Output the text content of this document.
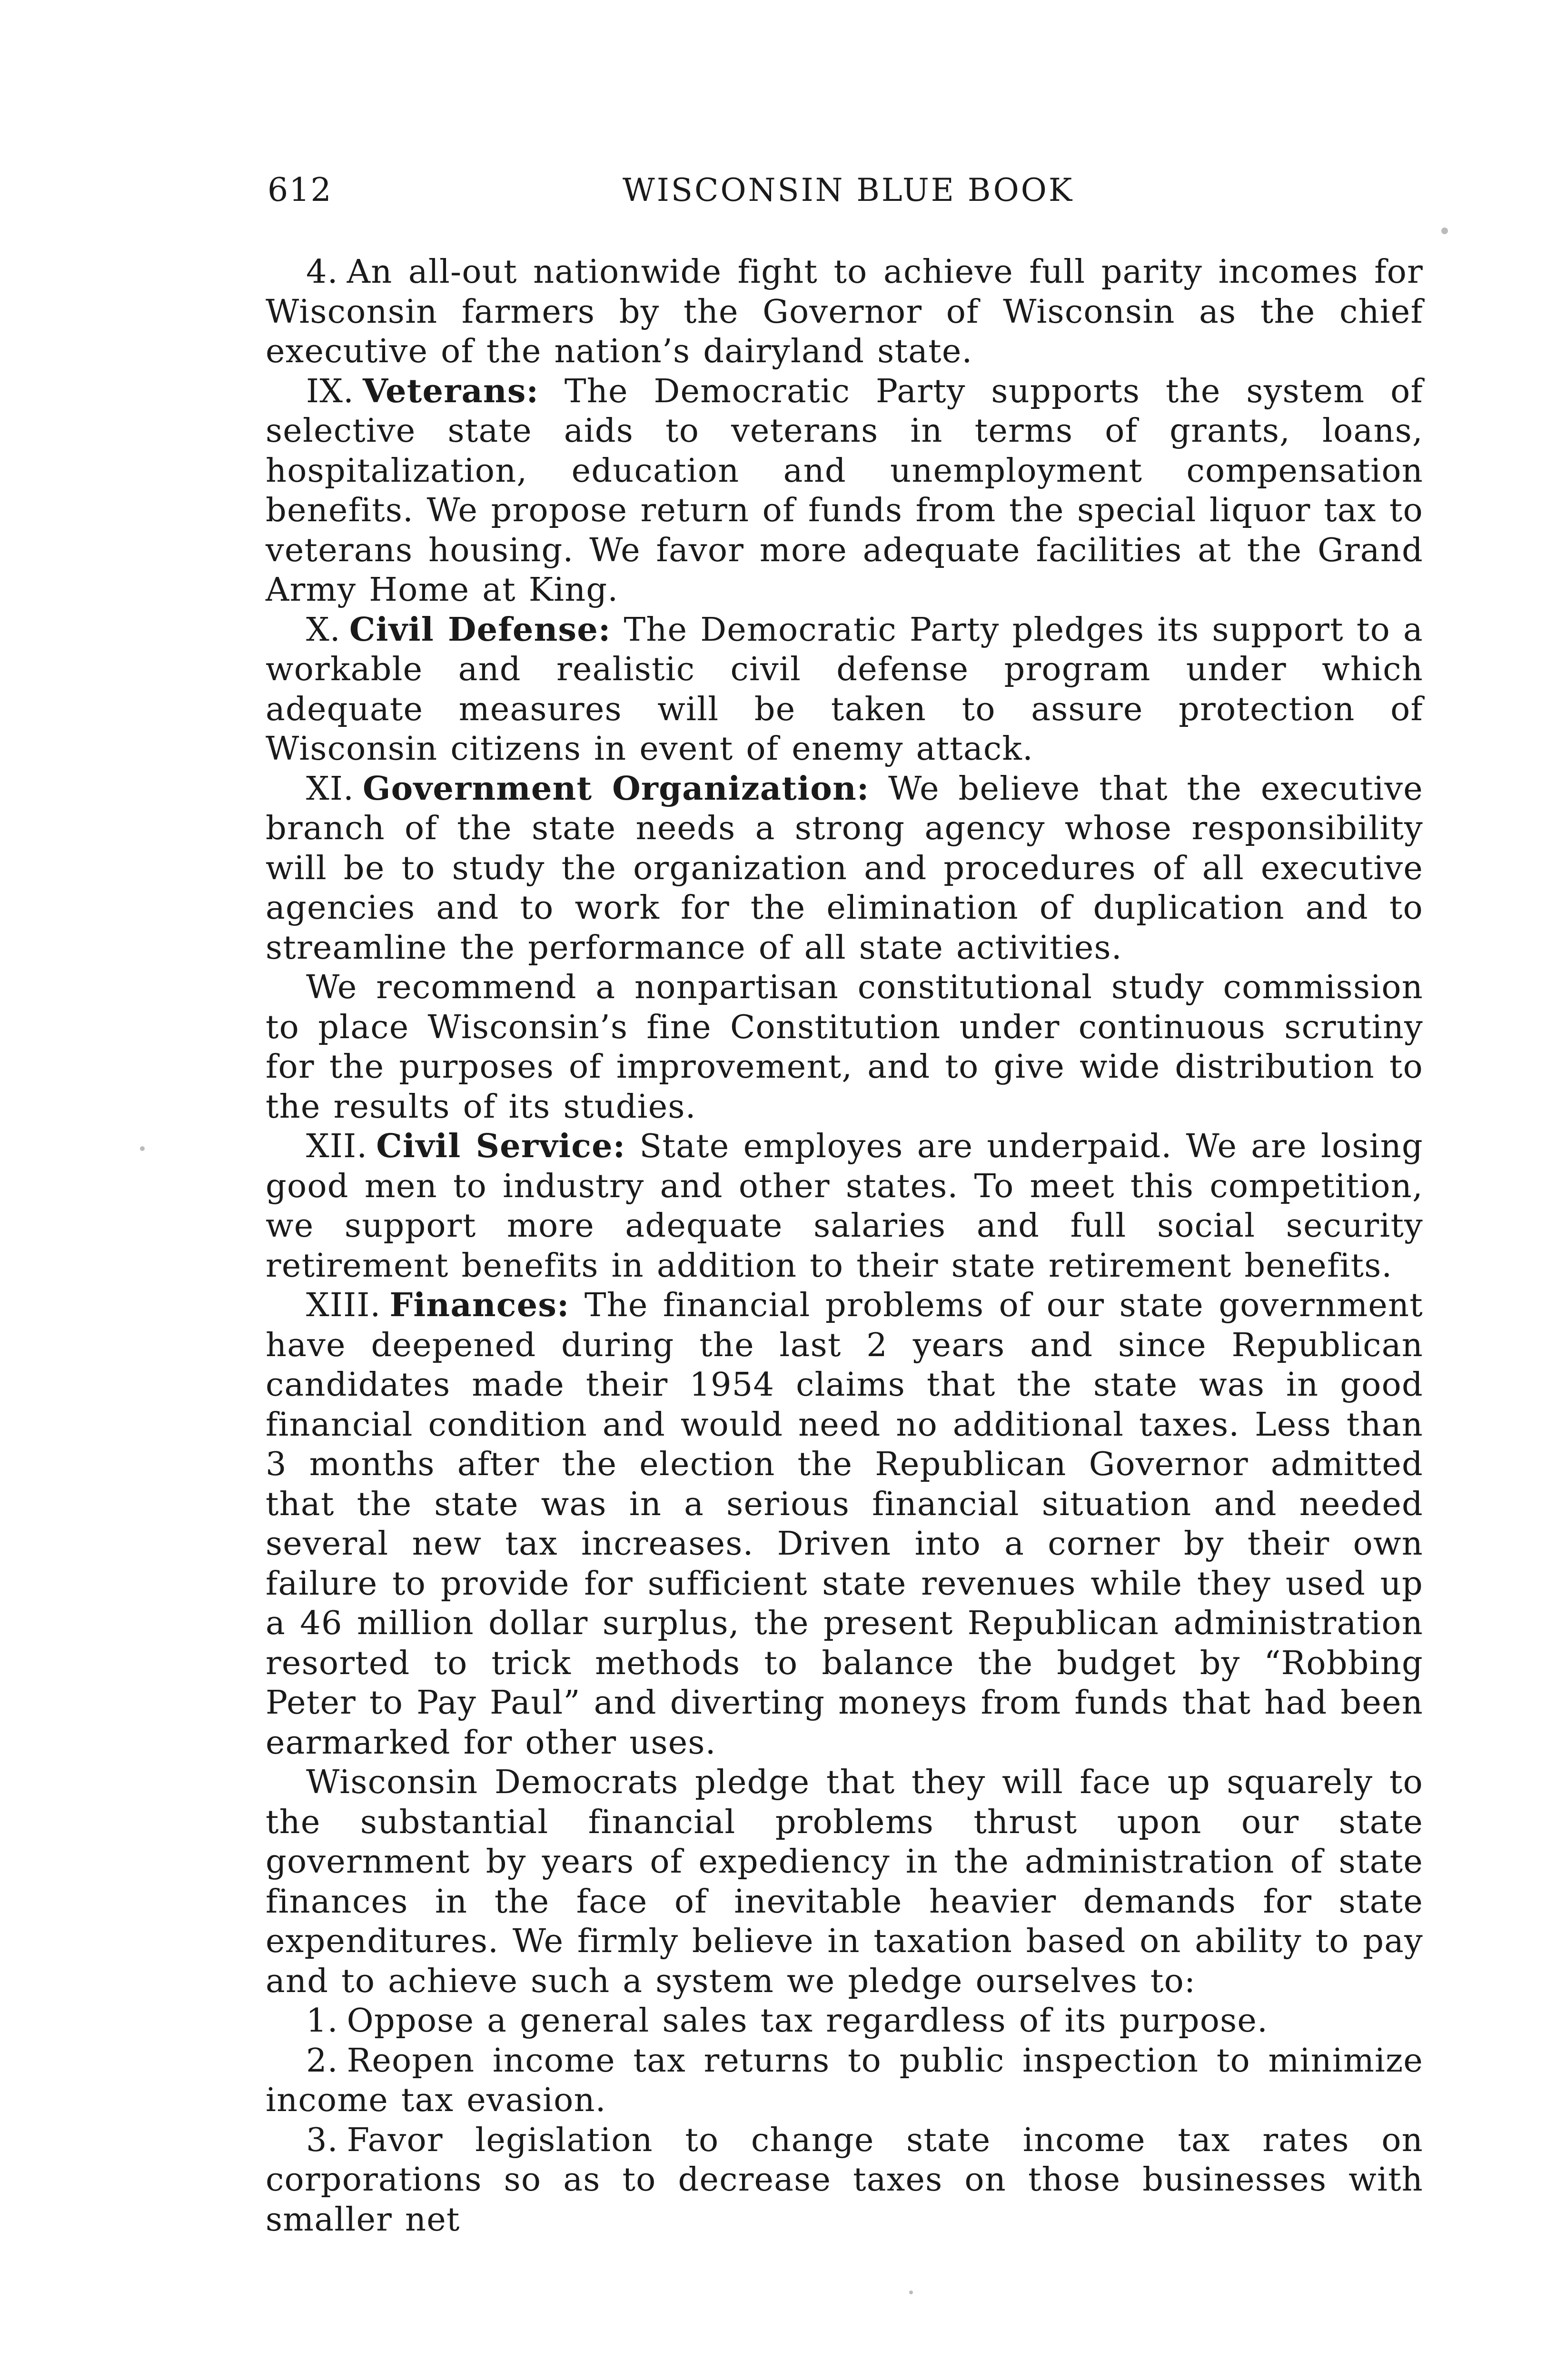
612	WISCONSIN BLUE BOOK

4. An all-out nationwide fight to achieve full parity incomes for Wisconsin farmers by the Governor of Wisconsin as the chief executive of the nation’s dairyland state.

IX. Veterans: The Democratic Party supports the system of selective state aids to veterans in terms of grants, loans, hospitalization, education and unemployment compensation benefits. We propose return of funds from the special liquor tax to veterans housing. We favor more adequate facilities at the Grand Army Home at King.

X. Civil Defense: The Democratic Party pledges its support to a workable and realistic civil defense program under which adequate measures will be taken to assure protection of Wisconsin citizens in event of enemy attack.

XI. Government Organization: We believe that the executive branch of the state needs a strong agency whose responsibility will be to study the organization and procedures of all executive agencies and to work for the elimination of duplication and to streamline the performance of all state activities.

We recommend a nonpartisan constitutional study commission to place Wisconsin’s fine Constitution under continuous scrutiny for the purposes of improvement, and to give wide distribution to the results of its studies.

XII. Civil Service: State employes are underpaid. We are losing good men to industry and other states. To meet this competition, we support more adequate salaries and full social security retirement benefits in addition to their state retirement benefits.

XIII. Finances: The financial problems of our state government have deepened during the last 2 years and since Republican candidates made their 1954 claims that the state was in good financial condition and would need no additional taxes. Less than 3 months after the election the Republican Governor admitted that the state was in a serious financial situation and needed several new tax increases. Driven into a corner by their own failure to provide for sufficient state revenues while they used up a 46 million dollar surplus, the present Republican administration resorted to trick methods to balance the budget by “Robbing Peter to Pay Paul” and diverting moneys from funds that had been earmarked for other uses.

Wisconsin Democrats pledge that they will face up squarely to the substantial financial problems thrust upon our state government by years of expediency in the administration of state finances in the face of inevitable heavier demands for state expenditures. We firmly believe in taxation based on ability to pay and to achieve such a system we pledge ourselves to:

1. Oppose a general sales tax regardless of its purpose.

2. Reopen income tax returns to public inspection to minimize income tax evasion.

3. Favor legislation to change state income tax rates on corporations so as to decrease taxes on those businesses with smaller net
